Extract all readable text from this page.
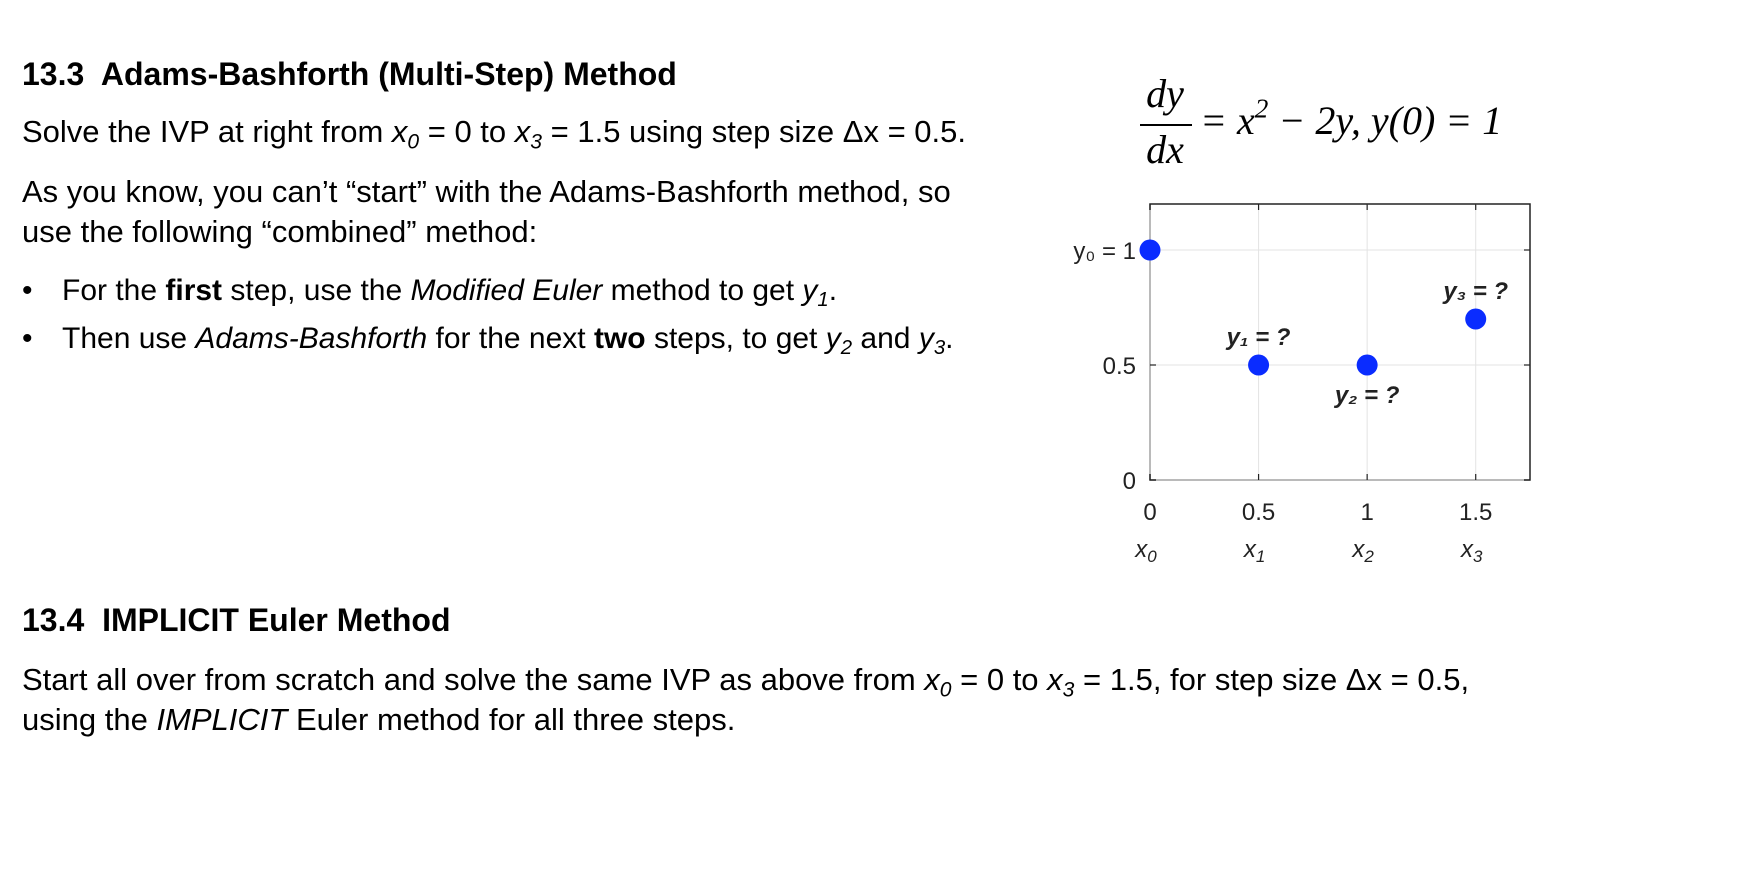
13.3 Adams-Bashforth (Multi-Step) Method
Solve the IVP at right from $x_0 = 0$ to $x_3 = 1.5$ using step size Δx = 0.5.
As you know, you can’t “start” with the Adams-Bashforth method, so
use the following “combined” method:
• For the first step, use the Modified Euler method to get $y_1$.
• Then use Adams-Bashforth for the next two steps, to get $y_2$ and $y_3$.
dy
dx
= $x^2 - 2y$, y(0) = 1
0
$x_0$
0.5
$x_1$
1
$x_2$
1.5
$x_3$
0
0.5
y₀ = 1
y₁ = ?
y₂ = ?
y₃ = ?
13.4 IMPLICIT Euler Method
Start all over from scratch and solve the same IVP as above from $x_0 = 0$ to $x_3 = 1.5$, for step size Δx = 0.5,
using the IMPLICIT Euler method for all three steps.
